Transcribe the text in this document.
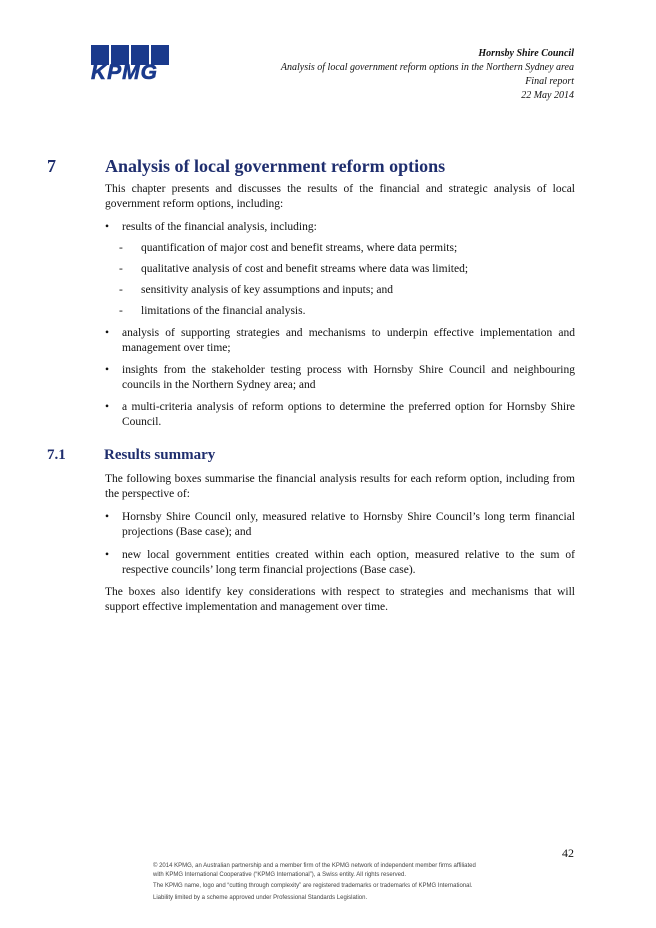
KPMG
Hornsby Shire Council
Analysis of local government reform options in the Northern Sydney area
Final report
22 May 2014
7	Analysis of local government reform options

This chapter presents and discusses the results of the financial and strategic analysis of local government reform options, including:

• results of the financial analysis, including:
- quantification of major cost and benefit streams, where data permits;
- qualitative analysis of cost and benefit streams where data was limited;
- sensitivity analysis of key assumptions and inputs; and
- limitations of the financial analysis.
• analysis of supporting strategies and mechanisms to underpin effective implementation and management over time;
• insights from the stakeholder testing process with Hornsby Shire Council and neighbouring councils in the Northern Sydney area; and
• a multi-criteria analysis of reform options to determine the preferred option for Hornsby Shire Council.
7.1	Results summary

The following boxes summarise the financial analysis results for each reform option, including from the perspective of:

• Hornsby Shire Council only, measured relative to Hornsby Shire Council’s long term financial projections (Base case); and
• new local government entities created within each option, measured relative to the sum of respective councils’ long term financial projections (Base case).

The boxes also identify key considerations with respect to strategies and mechanisms that will support effective implementation and management over time.

42
© 2014 KPMG, an Australian partnership and a member firm of the KPMG network of independent member firms affiliated
with KPMG International Cooperative (“KPMG International”), a Swiss entity. All rights reserved.
The KPMG name, logo and “cutting through complexity” are registered trademarks or trademarks of KPMG International.
Liability limited by a scheme approved under Professional Standards Legislation.
